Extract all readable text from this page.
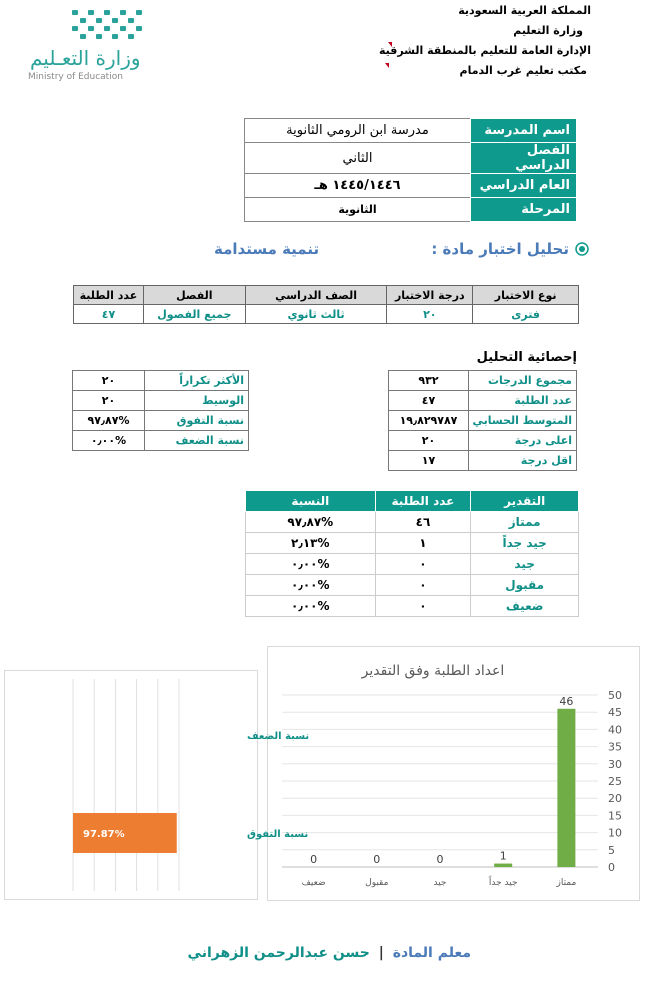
المملكة العربية السعودية
وزارة التعليم
الإدارة العامة للتعليم بالمنطقة الشرقية
مكتب تعليم غرب الدمام
وزارة التعـليم
Ministry of Education
اسم المدرسة	مدرسة ابن الرومي الثانوية
الفصل الدراسي	الثاني
العام الدراسي	١٤٤٥/١٤٤٦ هـ
المرحلة	الثانوية
تحليل اختبار مادة :
تنمية مستدامة
نوع الاختبار	درجة الاختبار	الصف الدراسي	الفصل	عدد الطلبة
فترى	٢٠	ثالث ثانوي	جميع الفصول	٤٧
إحصائية التحليل
مجموع الدرجات	٩٣٢
عدد الطلبة	٤٧
المتوسط الحسابي	١٩٫٨٢٩٧٨٧
اعلى درجة	٢٠
اقل درجة	١٧
الأكثر تكراراً	٢٠
الوسيط	٢٠
نسبة التفوق	%٩٧٫٨٧
نسبة الضعف	%٠٫٠٠
التقدير	عدد الطلبة	النسبة
ممتاز	٤٦	%٩٧٫٨٧
جيد جداً	١	%٢٫١٣
جيد	٠	%٠٫٠٠
مقبول	٠	%٠٫٠٠
ضعيف	٠	%٠٫٠٠
اعداد الطلبة وفق التقدير
0
5
10
15
20
25
30
35
40
45
50
46
ممتاز
1
جيد جداً
0
جيد
0
مقبول
0
ضعيف
نسبة الضعف
97.87%	نسبة التفوق
معلم المادة | حسن عبدالرحمن الزهراني
